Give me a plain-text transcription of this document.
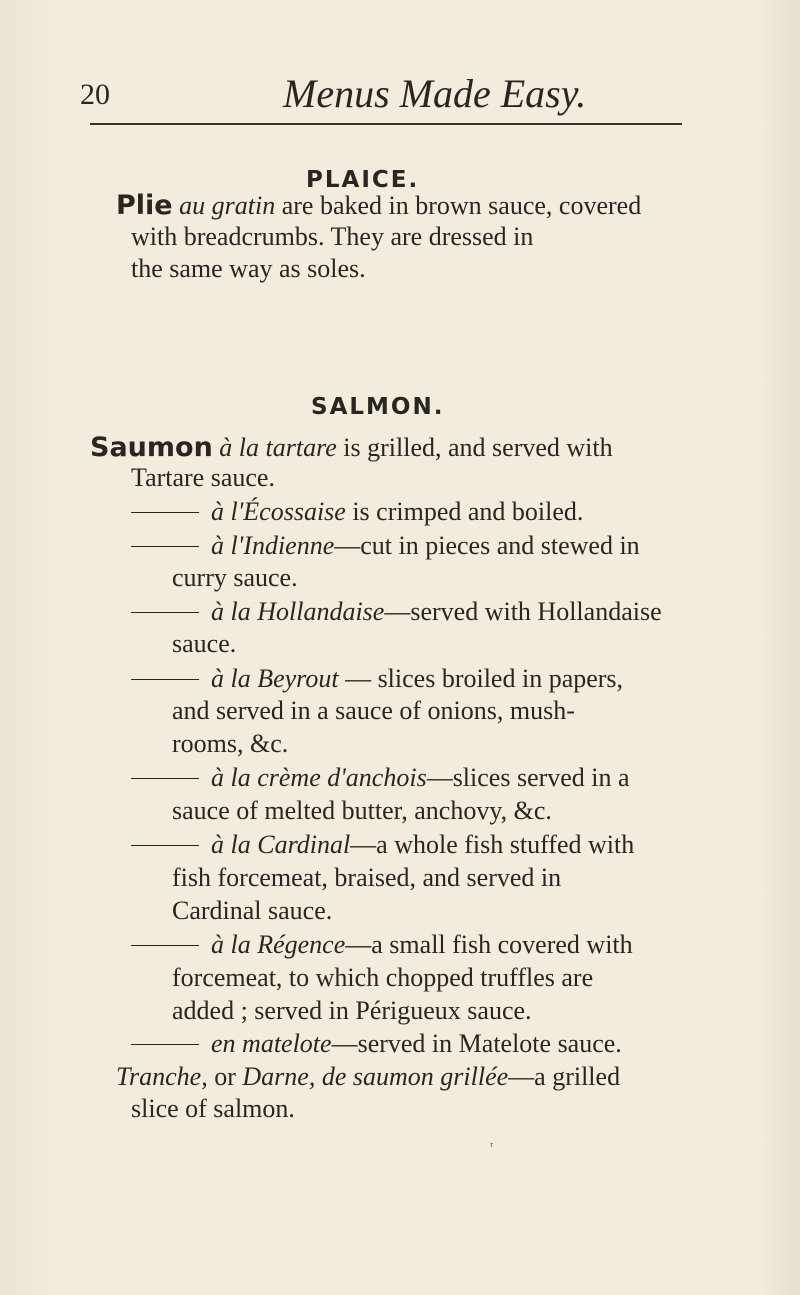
20	Menus Made Easy.
PLAICE.
Plie au gratin are baked in brown sauce, covered
with breadcrumbs. They are dressed in
the same way as soles.
SALMON.
Saumon à la tartare is grilled, and served with
Tartare sauce.
à l'Écossaise is crimped and boiled.
à l'Indienne—cut in pieces and stewed in
curry sauce.
à la Hollandaise—served with Hollandaise
sauce.
à la Beyrout — slices broiled in papers,
and served in a sauce of onions, mush-
rooms, &c.
à la crème d'anchois—slices served in a
sauce of melted butter, anchovy, &c.
à la Cardinal—a whole fish stuffed with
fish forcemeat, braised, and served in
Cardinal sauce.
à la Régence—a small fish covered with
forcemeat, to which chopped truffles are
added ; served in Périgueux sauce.
en matelote—served in Matelote sauce.
Tranche, or Darne, de saumon grillée—a grilled
slice of salmon.
ʳ
